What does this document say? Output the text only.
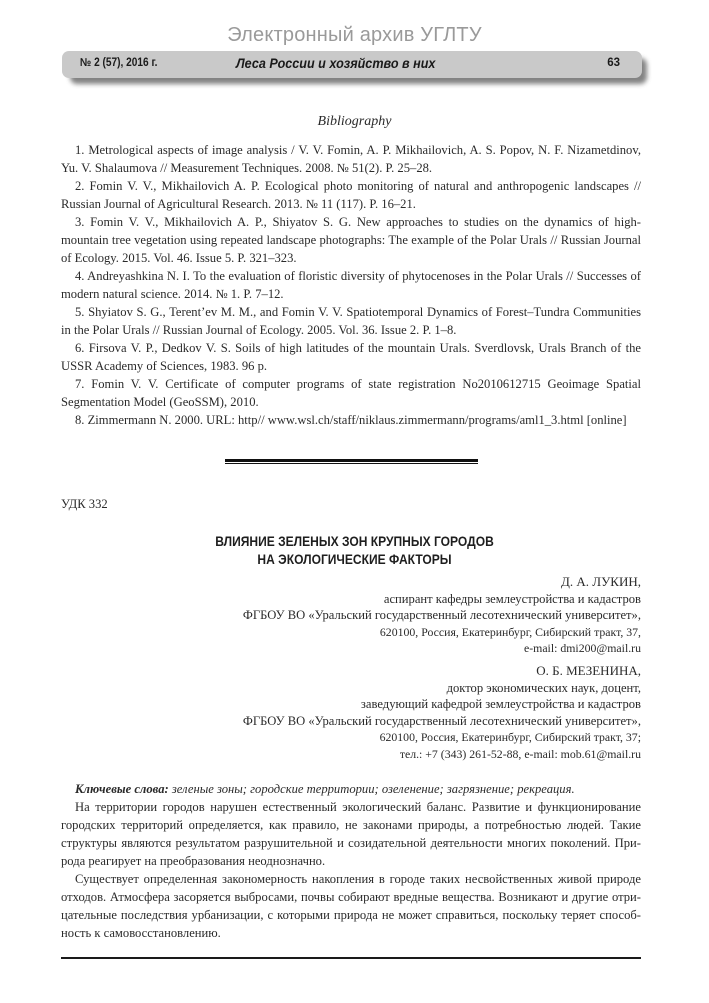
Электронный архив УГЛТУ
№ 2 (57), 2016 г.	Леса России и хозяйство в них	63
Bibliography

1. Metrological aspects of image analysis / V. V. Fomin, A. P. Mikhailovich, A. S. Popov, N. F. Nizametdinov, Yu. V. Shalaumova // Measurement Techniques. 2008. № 51(2). P. 25–28.

2. Fomin V. V., Mikhailovich A. P. Ecological photo monitoring of natural and anthropogenic landscapes // Russian Journal of Agricultural Research. 2013. № 11 (117). P. 16–21.

3. Fomin V. V., Mikhailovich A. P., Shiyatov S. G. New approaches to studies on the dynamics of high-mountain tree vegetation using repeated landscape photographs: The example of the Polar Urals // Russian Journal of Ecology. 2015. Vol. 46. Issue 5. P. 321–323.

4. Andreyashkina N. I. To the evaluation of floristic diversity of phytocenoses in the Polar Urals // Successes of modern natural science. 2014. № 1. P. 7–12.

5. Shyiatov S. G., Terent’ev M. M., and Fomin V. V. Spatiotemporal Dynamics of Forest–Tundra Communities in the Polar Urals // Russian Journal of Ecology. 2005. Vol. 36. Issue 2. P. 1–8.

6. Firsova V. P., Dedkov V. S. Soils of high latitudes of the mountain Urals. Sverdlovsk, Urals Branch of the USSR Academy of Sciences, 1983. 96 p.

7. Fomin V. V. Certificate of computer programs of state registration No2010612715 Geoimage Spatial Segmentation Model (GeoSSM), 2010.

8. Zimmermann N. 2000. URL: http// www.wsl.ch/staff/niklaus.zimmermann/programs/aml1_3.html [online]

УДК 332
ВЛИЯНИЕ ЗЕЛЕНЫХ ЗОН КРУПНЫХ ГОРОДОВ
НА ЭКОЛОГИЧЕСКИЕ ФАКТОРЫ
Д. А. ЛУКИН,
аспирант кафедры землеустройства и кадастров
ФГБОУ ВО «Уральский государственный лесотехнический университет»,
620100, Россия, Екатеринбург, Сибирский тракт, 37,
e-mail: dmi200@mail.ru
О. Б. МЕЗЕНИНА,
доктор экономических наук, доцент,
заведующий кафедрой землеустройства и кадастров
ФГБОУ ВО «Уральский государственный лесотехнический университет»,
620100, Россия, Екатеринбург, Сибирский тракт, 37;
тел.: +7 (343) 261-52-88, e-mail: mob.61@mail.ru

Ключевые слова: зеленые зоны; городские территории; озеленение; загрязнение; рекреация.

На территории городов нарушен естественный экологический баланс. Развитие и функционирование городских территорий определяется, как правило, не законами природы, а потребностью людей. Такие структуры являются результатом разрушительной и созидательной деятельности многих поколений. Природа реагирует на преобразования неоднозначно.

Существует определенная закономерность накопления в городе таких несвойственных живой природе отходов. Атмосфера засоряется выбросами, почвы собирают вредные вещества. Возникают и другие отрицательные последствия урбанизации, с которыми природа не может справиться, поскольку теряет способность к самовосстановлению.
